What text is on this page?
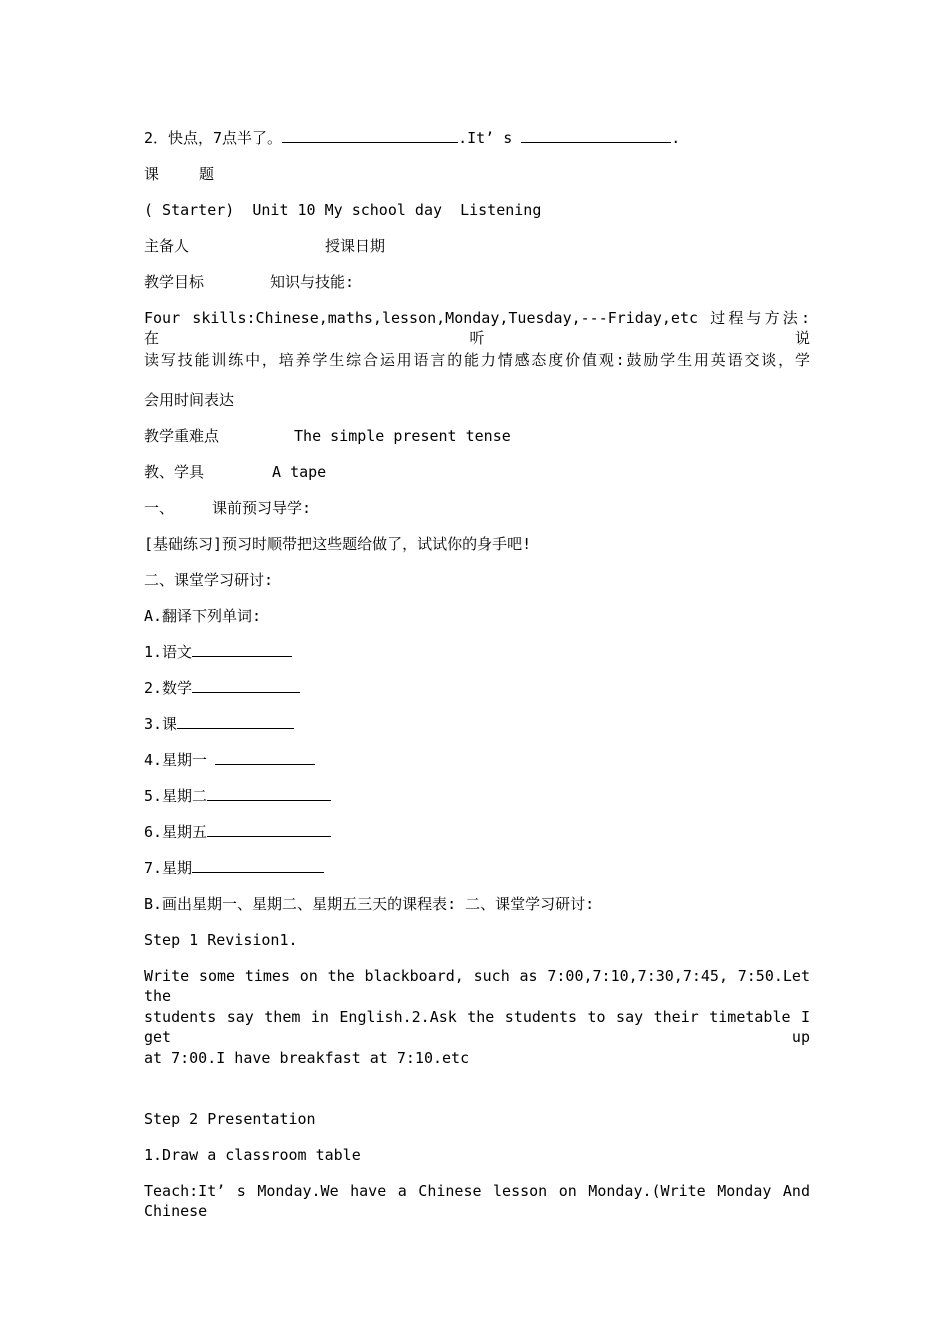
2．快点，7点半了。	.It’ s	.
课	题
( Starter)  Unit 10 My school day  Listening
主备人	授课日期
教学目标	知识与技能:
Four skills:Chinese,maths,lesson,Monday,Tuesday,---Friday,etc 过程与方法: 在听说
读写技能训练中，培养学生综合运用语言的能力情感态度价值观:鼓励学生用英语交谈，学
会用时间表达
教学重难点	The simple present tense
教、学具	A tape
一、	课前预习导学:
[基础练习]预习时顺带把这些题给做了，试试你的身手吧!
二、课堂学习研讨:
A.翻译下列单词:
1.语文
2.数学
3.课
4.星期一
5.星期二
6.星期五
7.星期
B.画出星期一、星期二、星期五三天的课程表: 二、课堂学习研讨:
Step 1 Revision1.
Write some times on the blackboard, such as 7:00,7:10,7:30,7:45, 7:50.Let the
students say them in English.2.Ask the students to say their timetable I get up
at 7:00.I have breakfast at 7:10.etc
Step 2 Presentation
1.Draw a classroom table
Teach:It’ s Monday.We have a Chinese lesson on Monday.(Write Monday And Chinese
